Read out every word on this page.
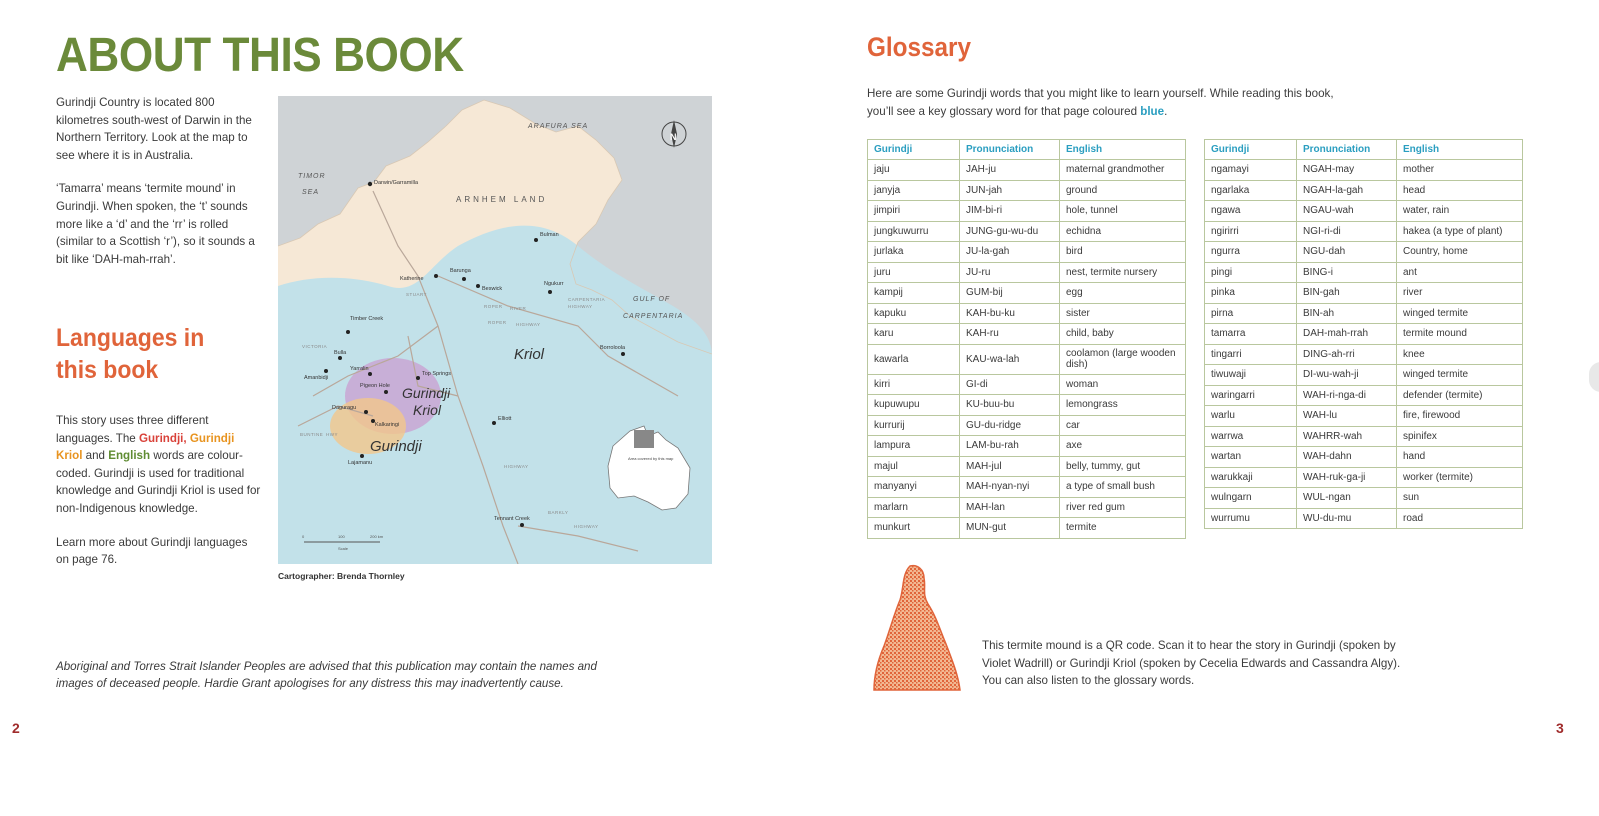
ABOUT THIS BOOK

Gurindji Country is located 800 kilometres south-west of Darwin in the Northern Territory. Look at the map to see where it is in Australia.

‘Tamarra’ means ‘termite mound’ in Gurindji. When spoken, the ‘t’ sounds more like a ‘d’ and the ‘rr’ is rolled (similar to a Scottish ‘r’), so it sounds a bit like ‘DAH-mah-rrah’.

Languages in
this book

This story uses three different languages. The Gurindji, Gurindji Kriol and English words are colour-coded. Gurindji is used for traditional knowledge and Gurindji Kriol is used for non-Indigenous knowledge.

Learn more about Gurindji languages on page 76.

ARAFURA SEA
TIMOR
SEA
GULF OF
CARPENTARIA
ARNHEM LAND
Kriol
Gurindji
Kriol
Gurindji
Darwin/Garramilla
Katherine
Barunga
Beswick
Ngukurr
Bulman
Borroloola
Timber Creek
Bulla
Amanbidji
Yarralin
Pigeon Hole
Top Springs
Daguragu
Kalkaringi
Lajamanu
Elliott
Tennant Creek
VICTORIA
ROPER RIVER
ROPER HIGHWAY
STUART
HIGHWAY
BUNTINE HWY
BARKLY
HIGHWAY
CARPENTARIA
HIGHWAY
N
Area covered by this map
0	100	200 km
Scale
Cartographer: Brenda Thornley
Aboriginal and Torres Strait Islander Peoples are advised that this publication may contain the names and
images of deceased people. Hardie Grant apologises for any distress this may inadvertently cause.
2
Glossary
Here are some Gurindji words that you might like to learn yourself. While reading this book,
you’ll see a key glossary word for that page coloured blue.
Gurindji	Pronunciation	English
jaju	JAH-ju	maternal grandmother
janyja	JUN-jah	ground
jimpiri	JIM-bi-ri	hole, tunnel
jungkuwurru	JUNG-gu-wu-du	echidna
jurlaka	JU-la-gah	bird
juru	JU-ru	nest, termite nursery
kampij	GUM-bij	egg
kapuku	KAH-bu-ku	sister
karu	KAH-ru	child, baby
kawarla	KAU-wa-lah	coolamon (large wooden dish)
kirri	GI-di	woman
kupuwupu	KU-buu-bu	lemongrass
kurrurij	GU-du-ridge	car
lampura	LAM-bu-rah	axe
majul	MAH-jul	belly, tummy, gut
manyanyi	MAH-nyan-nyi	a type of small bush
marlarn	MAH-lan	river red gum
munkurt	MUN-gut	termite
Gurindji	Pronunciation	English
ngamayi	NGAH-may	mother
ngarlaka	NGAH-la-gah	head
ngawa	NGAU-wah	water, rain
ngirirri	NGI-ri-di	hakea (a type of plant)
ngurra	NGU-dah	Country, home
pingi	BING-i	ant
pinka	BIN-gah	river
pirna	BIN-ah	winged termite
tamarra	DAH-mah-rrah	termite mound
tingarri	DING-ah-rri	knee
tiwuwaji	DI-wu-wah-ji	winged termite
waringarri	WAH-ri-nga-di	defender (termite)
warlu	WAH-lu	fire, firewood
warrwa	WAHRR-wah	spinifex
wartan	WAH-dahn	hand
warukkaji	WAH-ruk-ga-ji	worker (termite)
wulngarn	WUL-ngan	sun
wurrumu	WU-du-mu	road
This termite mound is a QR code. Scan it to hear the story in Gurindji (spoken by
Violet Wadrill) or Gurindji Kriol (spoken by Cecelia Edwards and Cassandra Algy).
You can also listen to the glossary words.
3
